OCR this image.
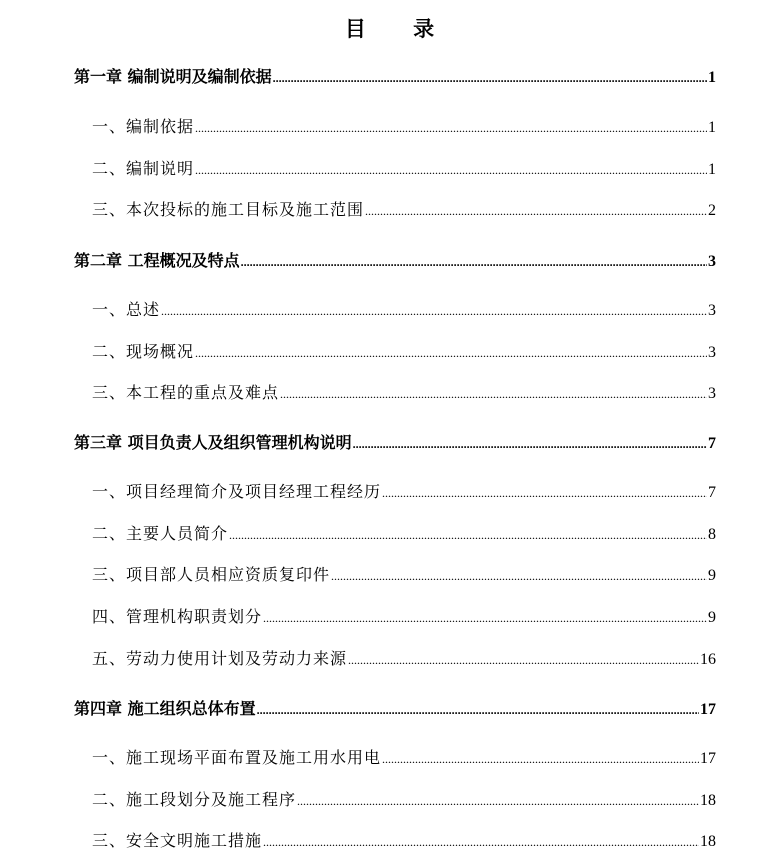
目 录
第一章 编制说明及编制依据 .....	1
一、编制依据 .....	1
二、编制说明 .....	1
三、本次投标的施工目标及施工范围 .....	2
第二章 工程概况及特点 .....	3
一、总述 .....	3
二、现场概况 .....	3
三、本工程的重点及难点 .....	3
第三章 项目负责人及组织管理机构说明 .....	7
一、项目经理简介及项目经理工程经历 .....	7
二、主要人员简介 .....	8
三、项目部人员相应资质复印件 .....	9
四、管理机构职责划分 .....	9
五、劳动力使用计划及劳动力来源 .....	16
第四章 施工组织总体布置 .....	17
一、施工现场平面布置及施工用水用电 .....	17
二、施工段划分及施工程序 .....	18
三、安全文明施工措施 .....	18
